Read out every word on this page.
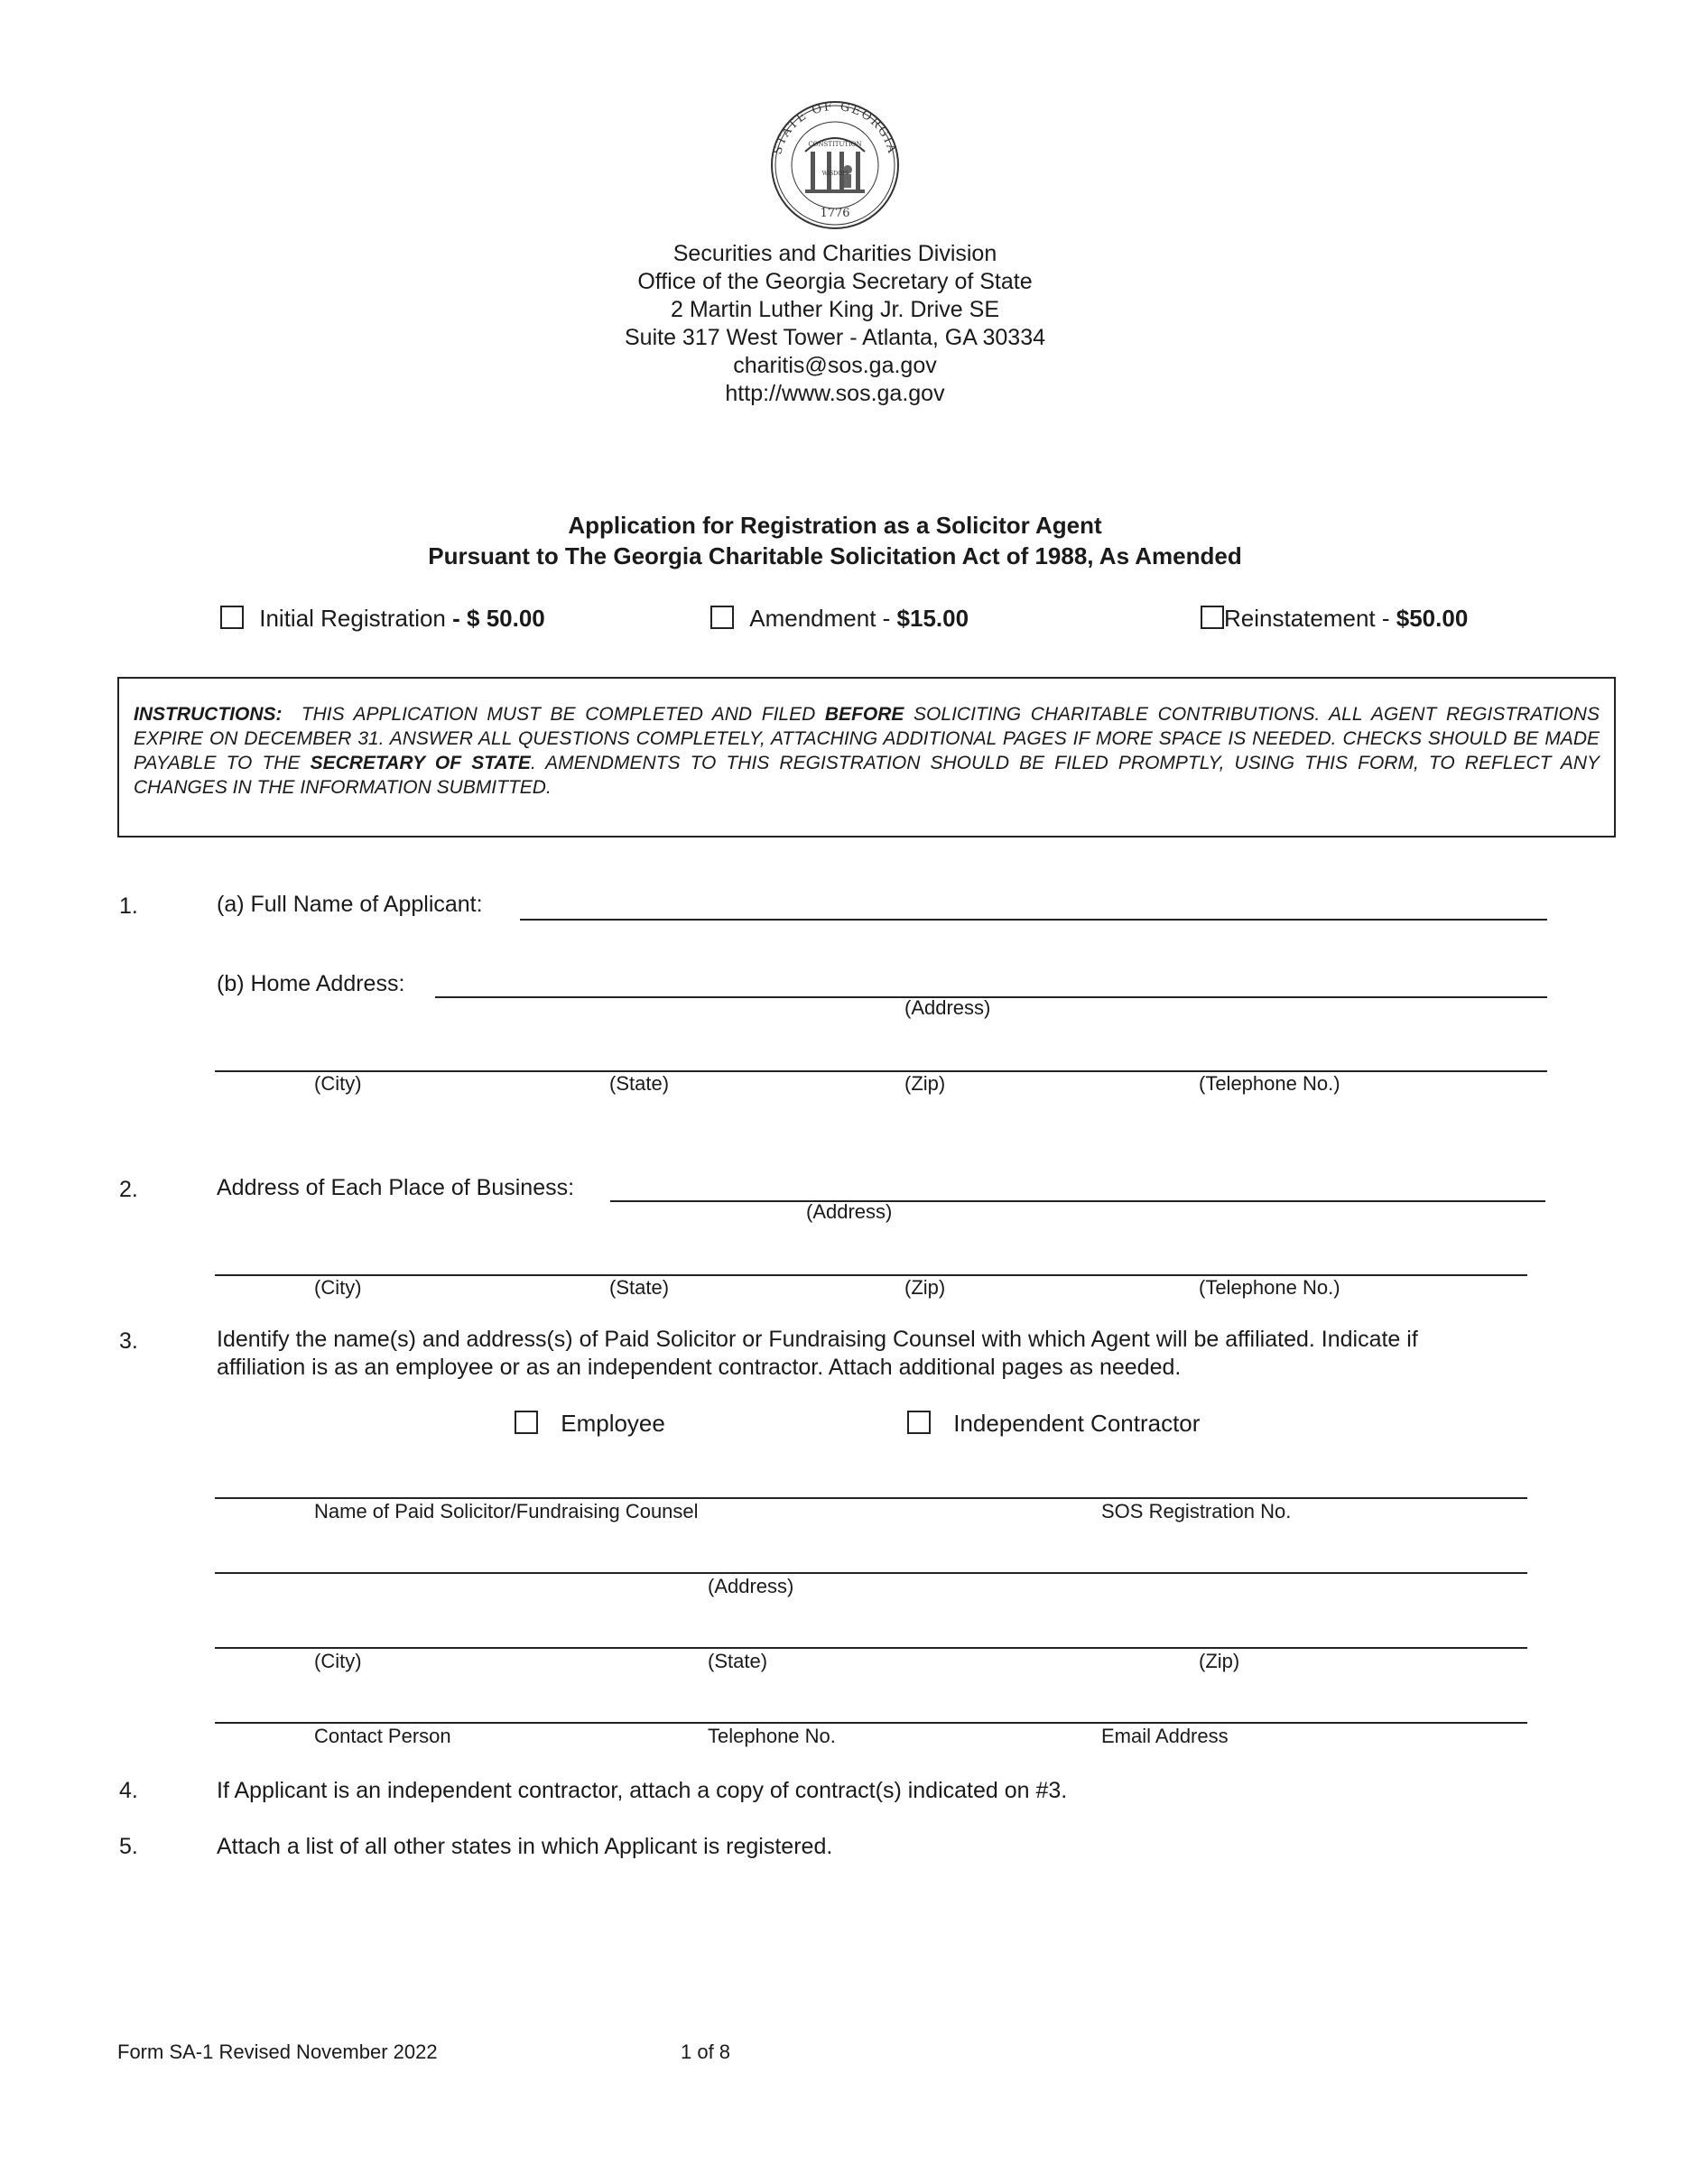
STATE OF GEORGIA
CONSTITUTION
WISDOM
1776
Securities and Charities Division
Office of the Georgia Secretary of State
2 Martin Luther King Jr. Drive SE
Suite 317 West Tower - Atlanta, GA 30334
charitis@sos.ga.gov
http://www.sos.ga.gov
Application for Registration as a Solicitor Agent
Pursuant to The Georgia Charitable Solicitation Act of 1988, As Amended
Initial Registration - $ 50.00	Amendment - $15.00	Reinstatement - $50.00
INSTRUCTIONS: THIS APPLICATION MUST BE COMPLETED AND FILED BEFORE SOLICITING CHARITABLE CONTRIBUTIONS. ALL AGENT REGISTRATIONS EXPIRE ON DECEMBER 31. ANSWER ALL QUESTIONS COMPLETELY, ATTACHING ADDITIONAL PAGES IF MORE SPACE IS NEEDED. CHECKS SHOULD BE MADE PAYABLE TO THE SECRETARY OF STATE. AMENDMENTS TO THIS REGISTRATION SHOULD BE FILED PROMPTLY, USING THIS FORM, TO REFLECT ANY CHANGES IN THE INFORMATION SUBMITTED.
1.	(a) Full Name of Applicant:
(b) Home Address:
(Address)
(City)	(State)	(Zip)	(Telephone No.)
2.	Address of Each Place of Business:
(Address)
(City)	(State)	(Zip)	(Telephone No.)
3.	Identify the name(s) and address(s) of Paid Solicitor or Fundraising Counsel with which Agent will be affiliated. Indicate if
affiliation is as an employee or as an independent contractor. Attach additional pages as needed.
Employee	Independent Contractor
Name of Paid Solicitor/Fundraising Counsel	SOS Registration No.
(Address)
(City)	(State)	(Zip)
Contact Person	Telephone No.	Email Address
4.	If Applicant is an independent contractor, attach a copy of contract(s) indicated on #3.
5.	Attach a list of all other states in which Applicant is registered.
Form SA-1 Revised November 2022	1 of 8
